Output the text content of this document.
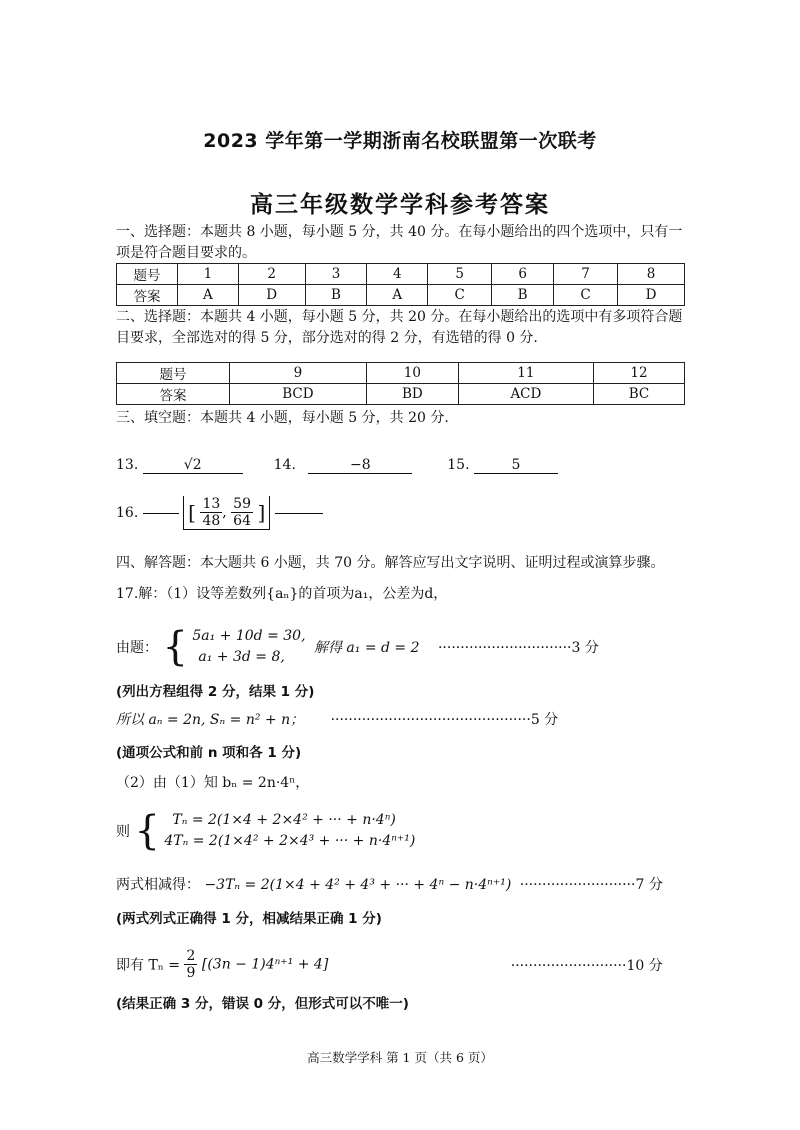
2023 学年第一学期浙南名校联盟第一次联考
高三年级数学学科参考答案
一、选择题：本题共 8 小题，每小题 5 分，共 40 分。在每小题给出的四个选项中，只有一项是符合题目要求的。
题号	1	2	3	4	5	6	7	8
答案	A	D	B	A	C	B	C	D
二、选择题：本题共 4 小题，每小题 5 分，共 20 分。在每小题给出的选项中有多项符合题目要求，全部选对的得 5 分，部分选对的得 2 分，有选错的得 0 分.
题号	9	10	11	12
答案	BCD	BD	ACD	BC
三、填空题：本题共 4 小题，每小题 5 分，共 20 分.
13.	√2	14.	−8	15.	5
16. [ $\frac{13}{48}$ , $\frac{59}{64}$ ]
四、解答题：本大题共 6 小题，共 70 分。解答应写出文字说明、证明过程或演算步骤。
17.解：（1）设等差数列{aₙ}的首项为a₁，公差为d，
由题： { 5a₁ + 10d = 30,
a₁ + 3d = 8,
解得 a₁ = d = 2 ······························3 分
(列出方程组得 2 分，结果 1 分)
所以 aₙ = 2n, Sₙ = n² + n； ·············································5 分
(通项公式和前 n 项和各 1 分)
（2）由（1）知 bₙ = 2n·4ⁿ，
则 { Tₙ = 2(1×4 + 2×4² + ··· + n·4ⁿ)
4Tₙ = 2(1×4² + 2×4³ + ··· + n·4ⁿ⁺¹)
两式相减得： −3Tₙ = 2(1×4 + 4² + 4³ + ··· + 4ⁿ − n·4ⁿ⁺¹) ··························7 分
(两式列式正确得 1 分，相减结果正确 1 分)
即有 $T_n = \frac{2}{9} [(3n - 1)4^{n+1} + 4]$	··························10 分
(结果正确 3 分，错误 0 分，但形式可以不唯一)
高三数学学科 第 1 页（共 6 页）
